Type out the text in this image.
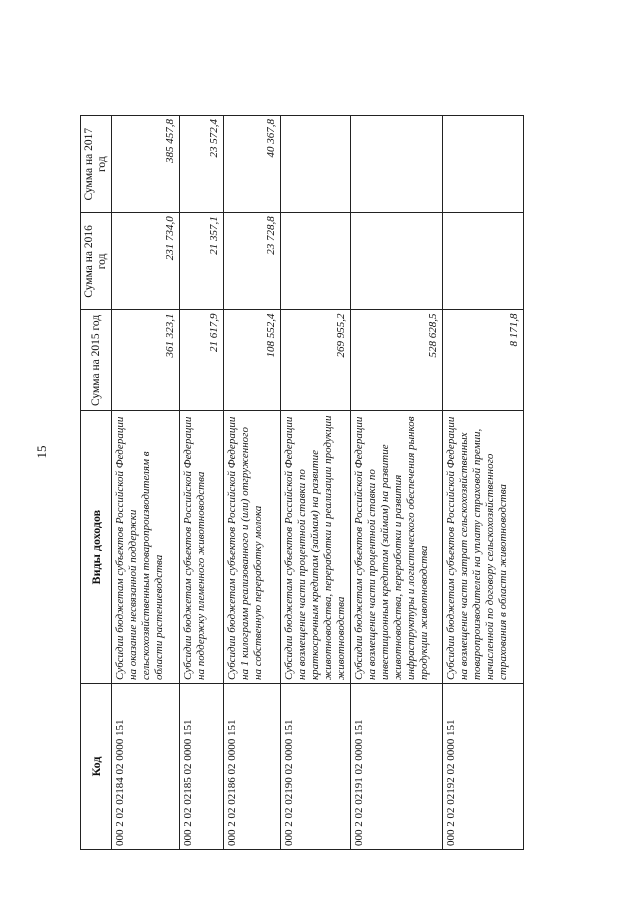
15
Код	Виды доходов	Сумма на 2015 год	Сумма на 2016 год	Сумма на 2017 год
000 2 02 02184 02 0000 151	Субсидии бюджетам субъектов Российской Федерации на оказание несвязанной поддержки сельскохозяйственным товаропроизводителям в области растениеводства	361 323,1	231 734,0	385 457,8
000 2 02 02185 02 0000 151	Субсидии бюджетам субъектов Российской Федерации на поддержку племенного животноводства	21 617,9	21 357,1	23 572,4
000 2 02 02186 02 0000 151	Субсидии бюджетам субъектов Российской Федерации на 1 килограмм реализованного и (или) отгруженного на собственную переработку молока	108 552,4	23 728,8	40 367,8
000 2 02 02190 02 0000 151	Субсидии бюджетам субъектов Российской Федерации на возмещение части процентной ставки по краткосрочным кредитам (займам) на развитие животноводства, переработки и реализации продукции животноводства	269 955,2		
000 2 02 02191 02 0000 151	Субсидии бюджетам субъектов Российской Федерации на возмещение части процентной ставки по инвестиционным кредитам (займам) на развитие животноводства, переработки и развития инфраструктуры и логистического обеспечения рынков продукции животноводства	528 628,5		
000 2 02 02192 02 0000 151	Субсидии бюджетам субъектов Российской Федерации на возмещение части затрат сельскохозяйственных товаропроизводителей на уплату страховой премии, начисленной по договору сельскохозяйственного страхования в области животноводства	8 171,8		
